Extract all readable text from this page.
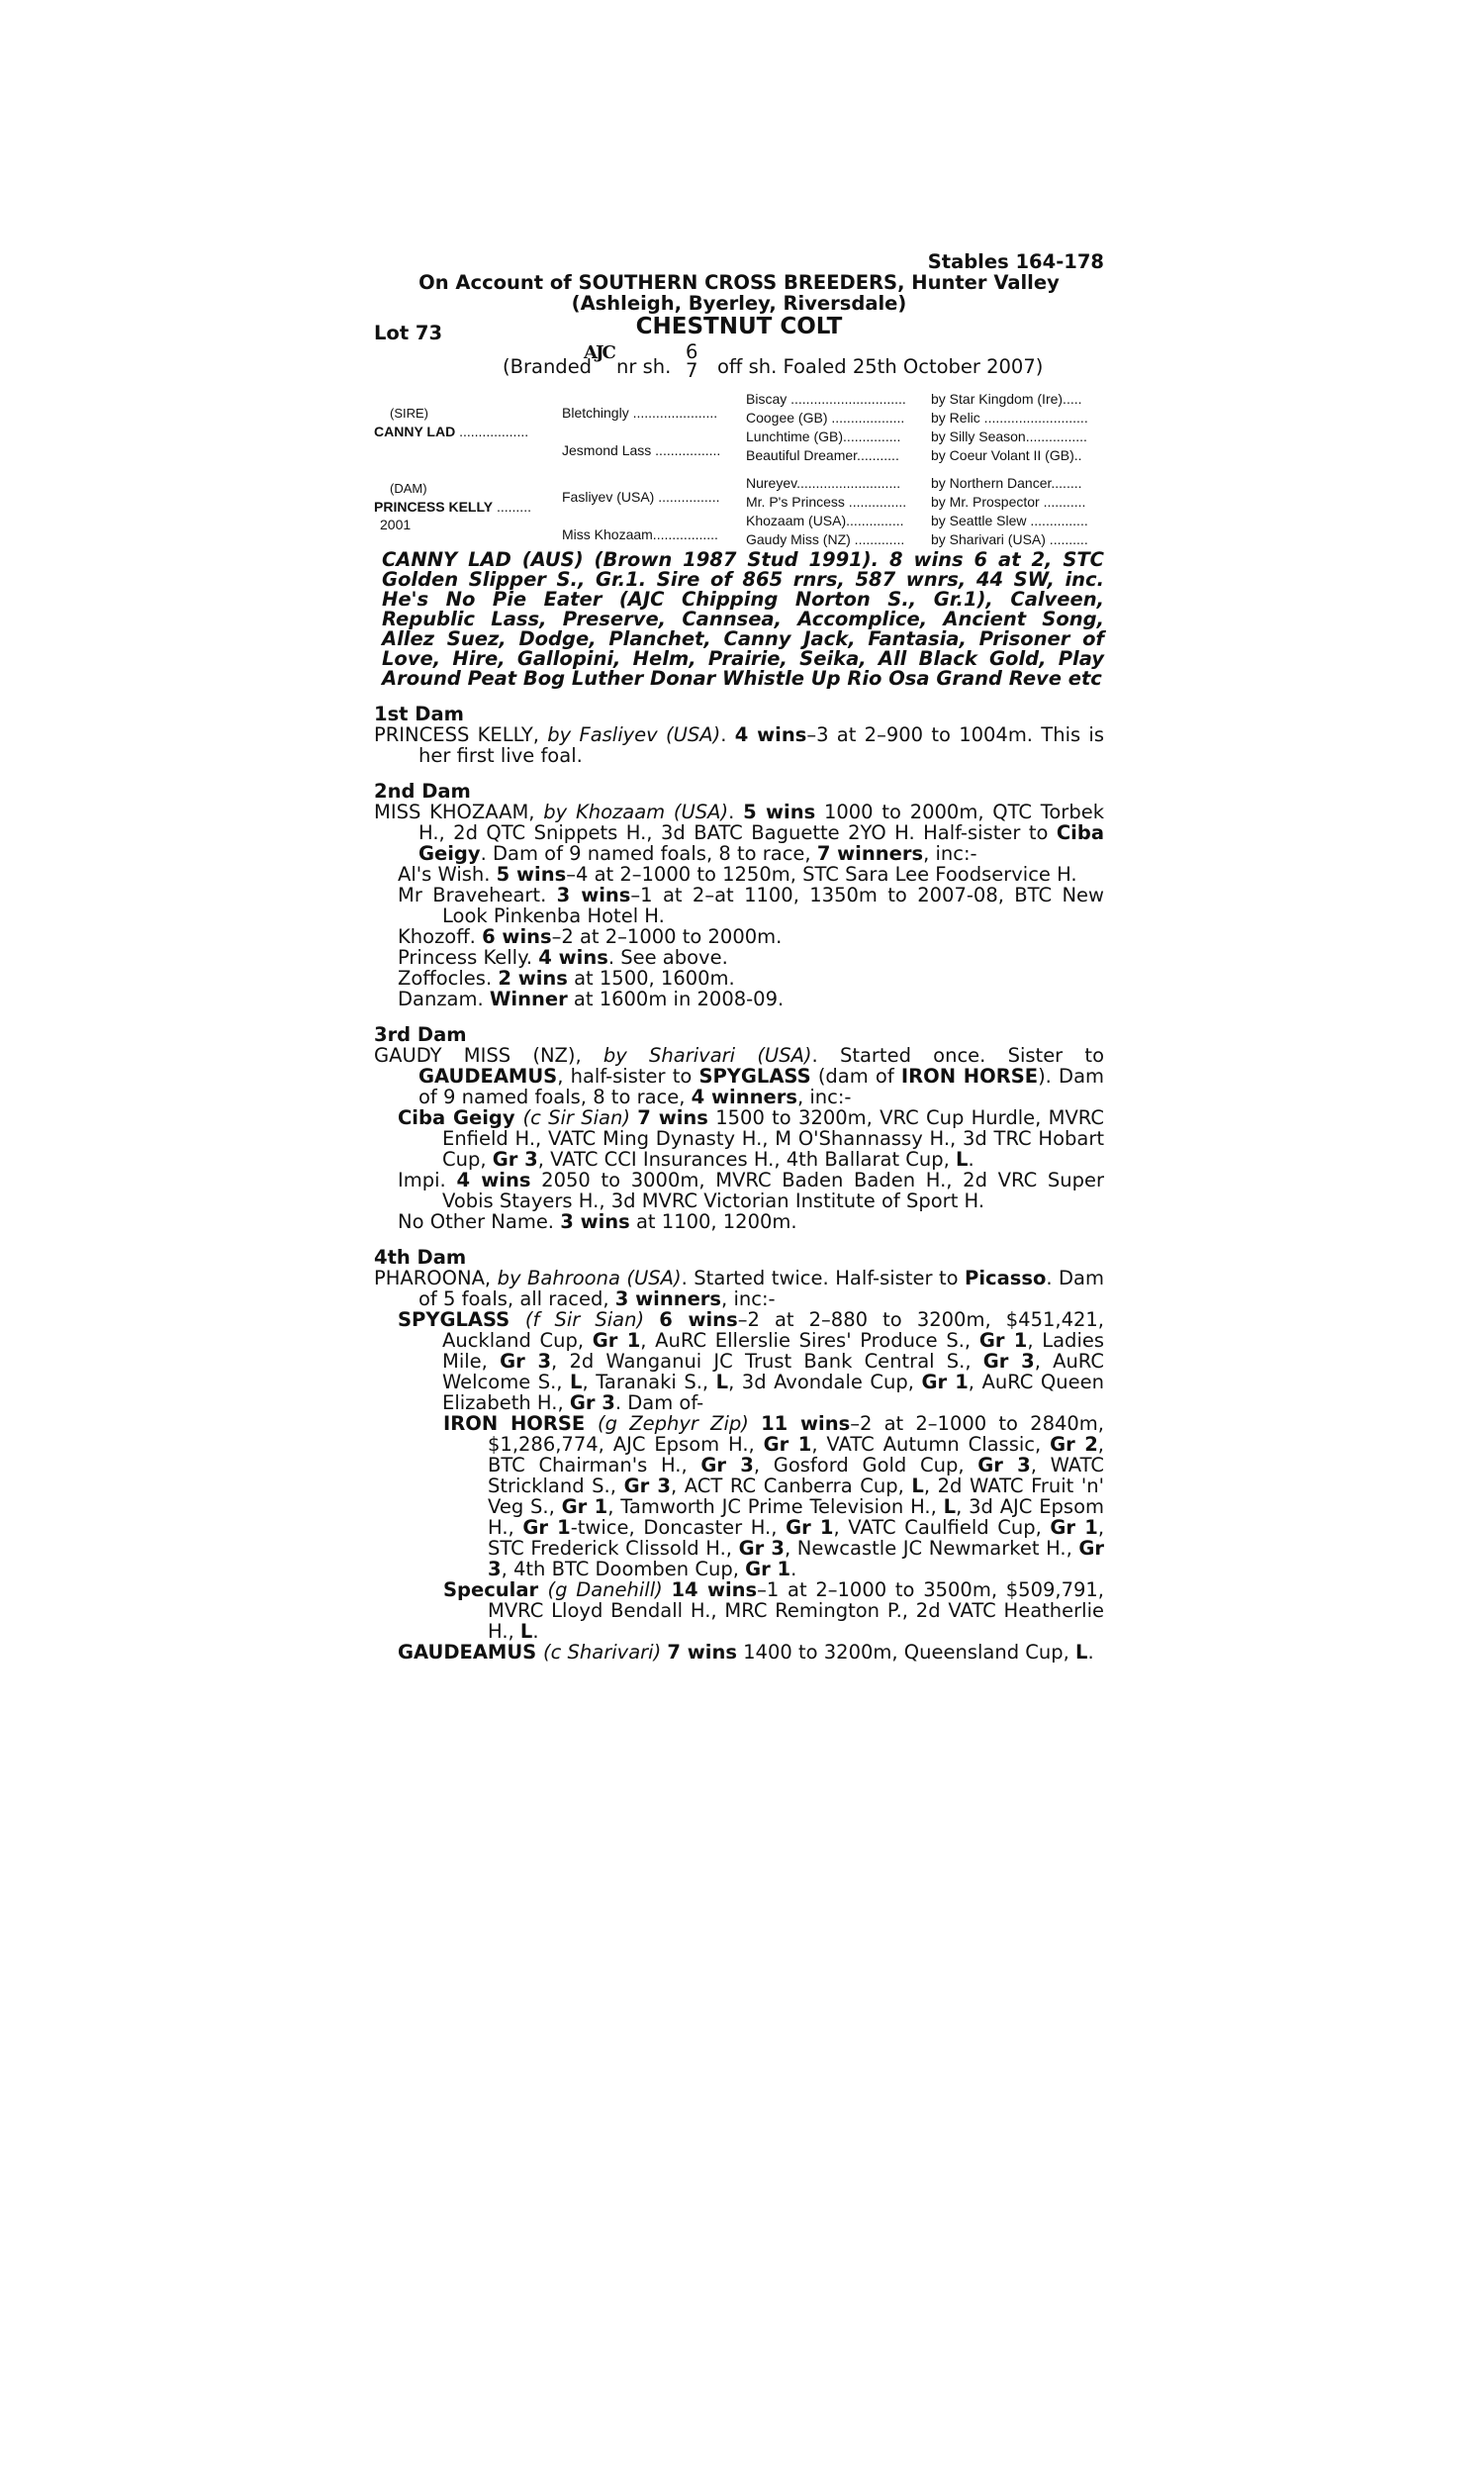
Stables 164-178
On Account of SOUTHERN CROSS BREEDERS, Hunter Valley
(Ashleigh, Byerley, Riversdale)
Lot 73	CHESTNUT COLT
(Branded
AJC
nr sh.
6
7 off sh. Foaled 25th October 2007)
(SIRE)
CANNY LAD ..................
(DAM)
PRINCESS KELLY .........
2001
Bletchingly ......................
Jesmond Lass .................
Fasliyev (USA) ................
Miss Khozaam.................
Biscay ..............................
Coogee (GB) ...................
Lunchtime (GB)...............
Beautiful Dreamer...........
Nureyev...........................
Mr. P's Princess ...............
Khozaam (USA)...............
Gaudy Miss (NZ) .............
by Star Kingdom (Ire).....
by Relic ...........................
by Silly Season................
by Coeur Volant II (GB)..
by Northern Dancer........
by Mr. Prospector ...........
by Seattle Slew ...............
by Sharivari (USA) ..........

CANNY LAD (AUS) (Brown 1987 Stud 1991). 8 wins 6 at 2, STC Golden Slipper S., Gr.1. Sire of 865 rnrs, 587 wnrs, 44 SW, inc. He's No Pie Eater (AJC Chipping Norton S., Gr.1), Calveen, Republic Lass, Preserve, Cannsea, Accomplice, Ancient Song, Allez Suez, Dodge, Planchet, Canny Jack, Fantasia, Prisoner of Love, Hire, Gallopini, Helm, Prairie, Seika, All Black Gold, Play Around Peat Bog Luther Donar Whistle Up Rio Osa Grand Reve etc

1st Dam

PRINCESS KELLY, by Fasliyev (USA). 4 wins–3 at 2–900 to 1004m. This is her first live foal.

2nd Dam

MISS KHOZAAM, by Khozaam (USA). 5 wins 1000 to 2000m, QTC Torbek H., 2d QTC Snippets H., 3d BATC Baguette 2YO H. Half-sister to Ciba Geigy. Dam of 9 named foals, 8 to race, 7 winners, inc:-

Al's Wish. 5 wins–4 at 2–1000 to 1250m, STC Sara Lee Foodservice H.

Mr Braveheart. 3 wins–1 at 2–at 1100, 1350m to 2007-08, BTC New Look Pinkenba Hotel H.

Khozoff. 6 wins–2 at 2–1000 to 2000m.

Princess Kelly. 4 wins. See above.

Zoffocles. 2 wins at 1500, 1600m.

Danzam. Winner at 1600m in 2008-09.

3rd Dam

GAUDY MISS (NZ), by Sharivari (USA). Started once. Sister to GAUDEAMUS, half-sister to SPYGLASS (dam of IRON HORSE). Dam of 9 named foals, 8 to race, 4 winners, inc:-

Ciba Geigy (c Sir Sian) 7 wins 1500 to 3200m, VRC Cup Hurdle, MVRC Enfield H., VATC Ming Dynasty H., M O'Shannassy H., 3d TRC Hobart Cup, Gr 3, VATC CCI Insurances H., 4th Ballarat Cup, L.

Impi. 4 wins 2050 to 3000m, MVRC Baden Baden H., 2d VRC Super Vobis Stayers H., 3d MVRC Victorian Institute of Sport H.

No Other Name. 3 wins at 1100, 1200m.

4th Dam

PHAROONA, by Bahroona (USA). Started twice. Half-sister to Picasso. Dam of 5 foals, all raced, 3 winners, inc:-

SPYGLASS (f Sir Sian) 6 wins–2 at 2–880 to 3200m, $451,421, Auckland Cup, Gr 1, AuRC Ellerslie Sires' Produce S., Gr 1, Ladies Mile, Gr 3, 2d Wanganui JC Trust Bank Central S., Gr 3, AuRC Welcome S., L, Taranaki S., L, 3d Avondale Cup, Gr 1, AuRC Queen Elizabeth H., Gr 3. Dam of-

IRON HORSE (g Zephyr Zip) 11 wins–2 at 2–1000 to 2840m, $1,286,774, AJC Epsom H., Gr 1, VATC Autumn Classic, Gr 2, BTC Chairman's H., Gr 3, Gosford Gold Cup, Gr 3, WATC Strickland S., Gr 3, ACT RC Canberra Cup, L, 2d WATC Fruit 'n' Veg S., Gr 1, Tamworth JC Prime Television H., L, 3d AJC Epsom H., Gr 1-twice, Doncaster H., Gr 1, VATC Caulfield Cup, Gr 1, STC Frederick Clissold H., Gr 3, Newcastle JC Newmarket H., Gr 3, 4th BTC Doomben Cup, Gr 1.

Specular (g Danehill) 14 wins–1 at 2–1000 to 3500m, $509,791, MVRC Lloyd Bendall H., MRC Remington P., 2d VATC Heatherlie H., L.

GAUDEAMUS (c Sharivari) 7 wins 1400 to 3200m, Queensland Cup, L.
